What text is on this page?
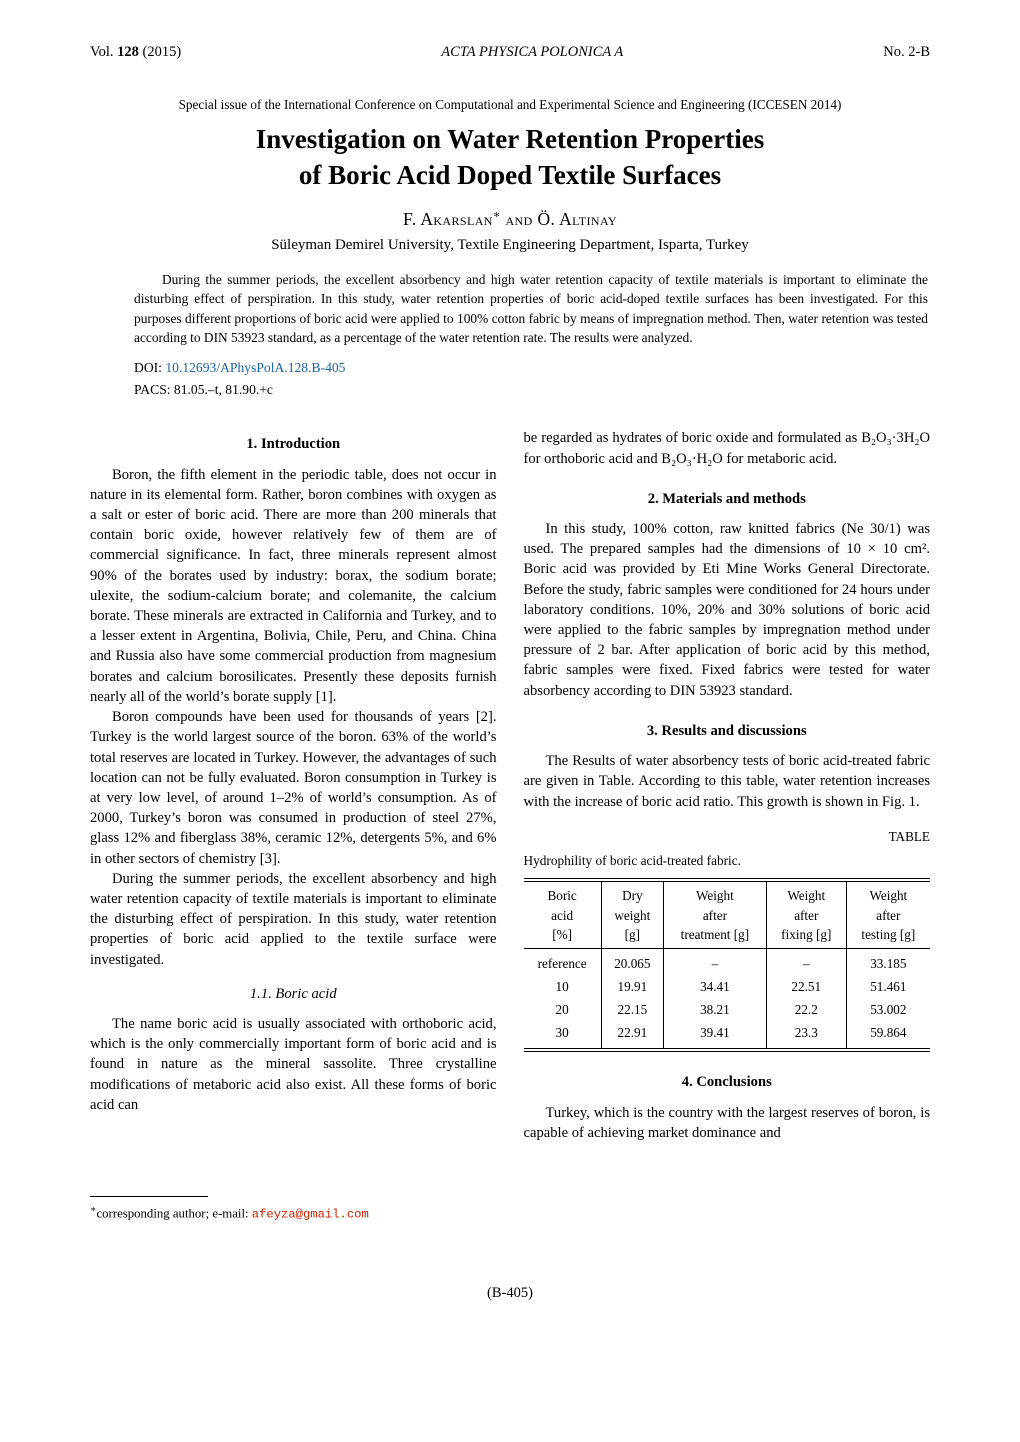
Vol. 128 (2015)	ACTA PHYSICA POLONICA A	No. 2-B
Special issue of the International Conference on Computational and Experimental Science and Engineering (ICCESEN 2014)
Investigation on Water Retention Properties
of Boric Acid Doped Textile Surfaces
F. Akarslan∗ and Ö. Altinay
Süleyman Demirel University, Textile Engineering Department, Isparta, Turkey
During the summer periods, the excellent absorbency and high water retention capacity of textile materials is important to eliminate the disturbing effect of perspiration. In this study, water retention properties of boric acid-doped textile surfaces has been investigated. For this purposes different proportions of boric acid were applied to 100% cotton fabric by means of impregnation method. Then, water retention was tested according to DIN 53923 standard, as a percentage of the water retention rate. The results were analyzed.
DOI: 10.12693/APhysPolA.128.B-405
PACS: 81.05.–t, 81.90.+c
1. Introduction

Boron, the fifth element in the periodic table, does not occur in nature in its elemental form. Rather, boron combines with oxygen as a salt or ester of boric acid. There are more than 200 minerals that contain boric oxide, however relatively few of them are of commercial significance. In fact, three minerals represent almost 90% of the borates used by industry: borax, the sodium borate; ulexite, the sodium-calcium borate; and colemanite, the calcium borate. These minerals are extracted in California and Turkey, and to a lesser extent in Argentina, Bolivia, Chile, Peru, and China. China and Russia also have some commercial production from magnesium borates and calcium borosilicates. Presently these deposits furnish nearly all of the world’s borate supply [1].

Boron compounds have been used for thousands of years [2]. Turkey is the world largest source of the boron. 63% of the world’s total reserves are located in Turkey. However, the advantages of such location can not be fully evaluated. Boron consumption in Turkey is at very low level, of around 1–2% of world’s consumption. As of 2000, Turkey’s boron was consumed in production of steel 27%, glass 12% and fiberglass 38%, ceramic 12%, detergents 5%, and 6% in other sectors of chemistry [3].

During the summer periods, the excellent absorbency and high water retention capacity of textile materials is important to eliminate the disturbing effect of perspiration. In this study, water retention properties of boric acid applied to the textile surface were investigated.

1.1. Boric acid

The name boric acid is usually associated with orthoboric acid, which is the only commercially important form of boric acid and is found in nature as the mineral sassolite. Three crystalline modifications of metaboric acid also exist. All these forms of boric acid can

∗corresponding author; e-mail: afeyza@gmail.com

be regarded as hydrates of boric oxide and formulated as B₂O₃·3H₂O for orthoboric acid and B₂O₃·H₂O for metaboric acid.

2. Materials and methods

In this study, 100% cotton, raw knitted fabrics (Ne 30/1) was used. The prepared samples had the dimensions of 10 × 10 cm². Boric acid was provided by Eti Mine Works General Directorate. Before the study, fabric samples were conditioned for 24 hours under laboratory conditions. 10%, 20% and 30% solutions of boric acid were applied to the fabric samples by impregnation method under pressure of 2 bar. After application of boric acid by this method, fabric samples were fixed. Fixed fabrics were tested for water absorbency according to DIN 53923 standard.

3. Results and discussions

The Results of water absorbency tests of boric acid-treated fabric are given in Table. According to this table, water retention increases with the increase of boric acid ratio. This growth is shown in Fig. 1.

TABLE
Hydrophility of boric acid-treated fabric.
Boric
acid
[%]	Dry
weight
[g]	Weight
after
treatment [g]	Weight
after
fixing [g]	Weight
after
testing [g]

reference	20.065	–	–	33.185
10	19.91	34.41	22.51	51.461
20	22.15	38.21	22.2	53.002
30	22.91	39.41	23.3	59.864
4. Conclusions

Turkey, which is the country with the largest reserves of boron, is capable of achieving market dominance and

(B-405)
